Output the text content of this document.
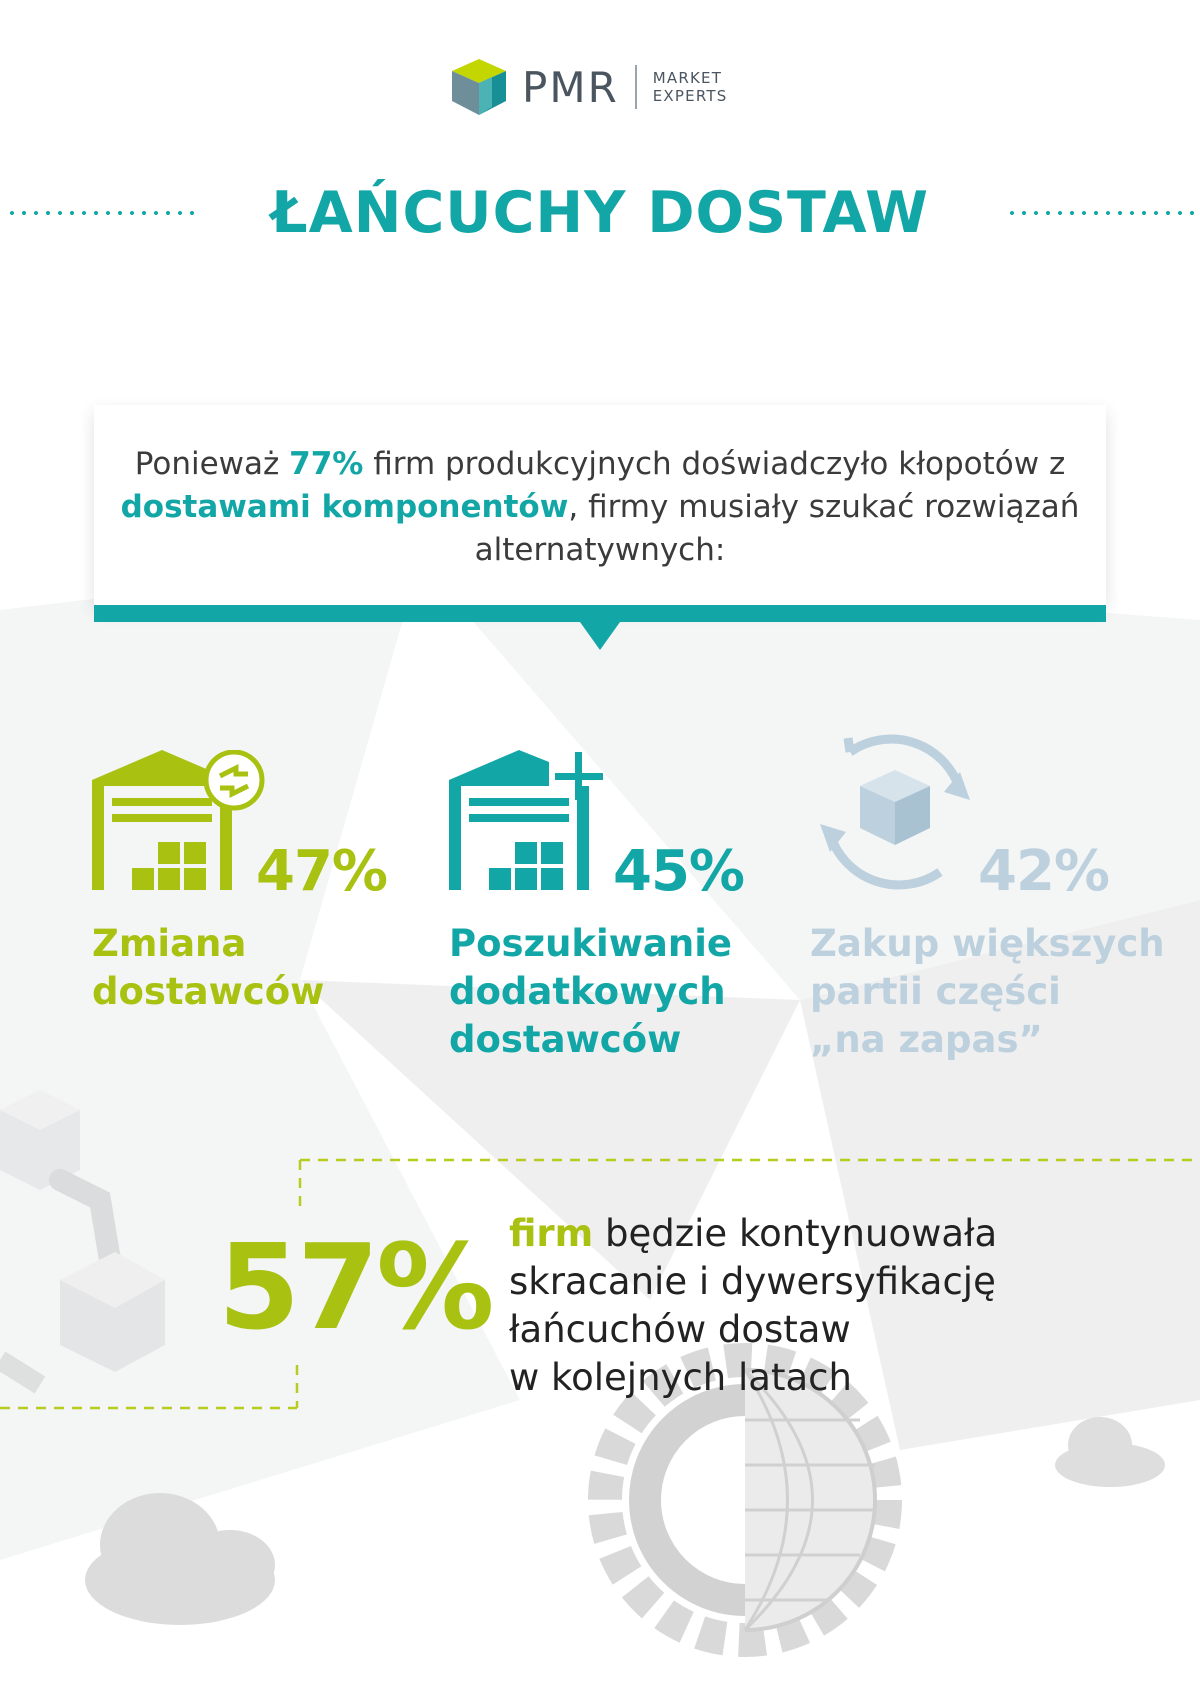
PMR MARKET
EXPERTS
ŁAŃCUCHY DOSTAW
Ponieważ 77% firm produkcyjnych doświadczyło kłopotów z dostawami komponentów, firmy musiały szukać rozwiązań alternatywnych:
47%
Zmiana
dostawców
45%
Poszukiwanie
dodatkowych
dostawców
42%
Zakup większych
partii części
„na zapas”
57% firm będzie kontynuowała
skracanie i dywersyfikację
łańcuchów dostaw
w kolejnych latach
